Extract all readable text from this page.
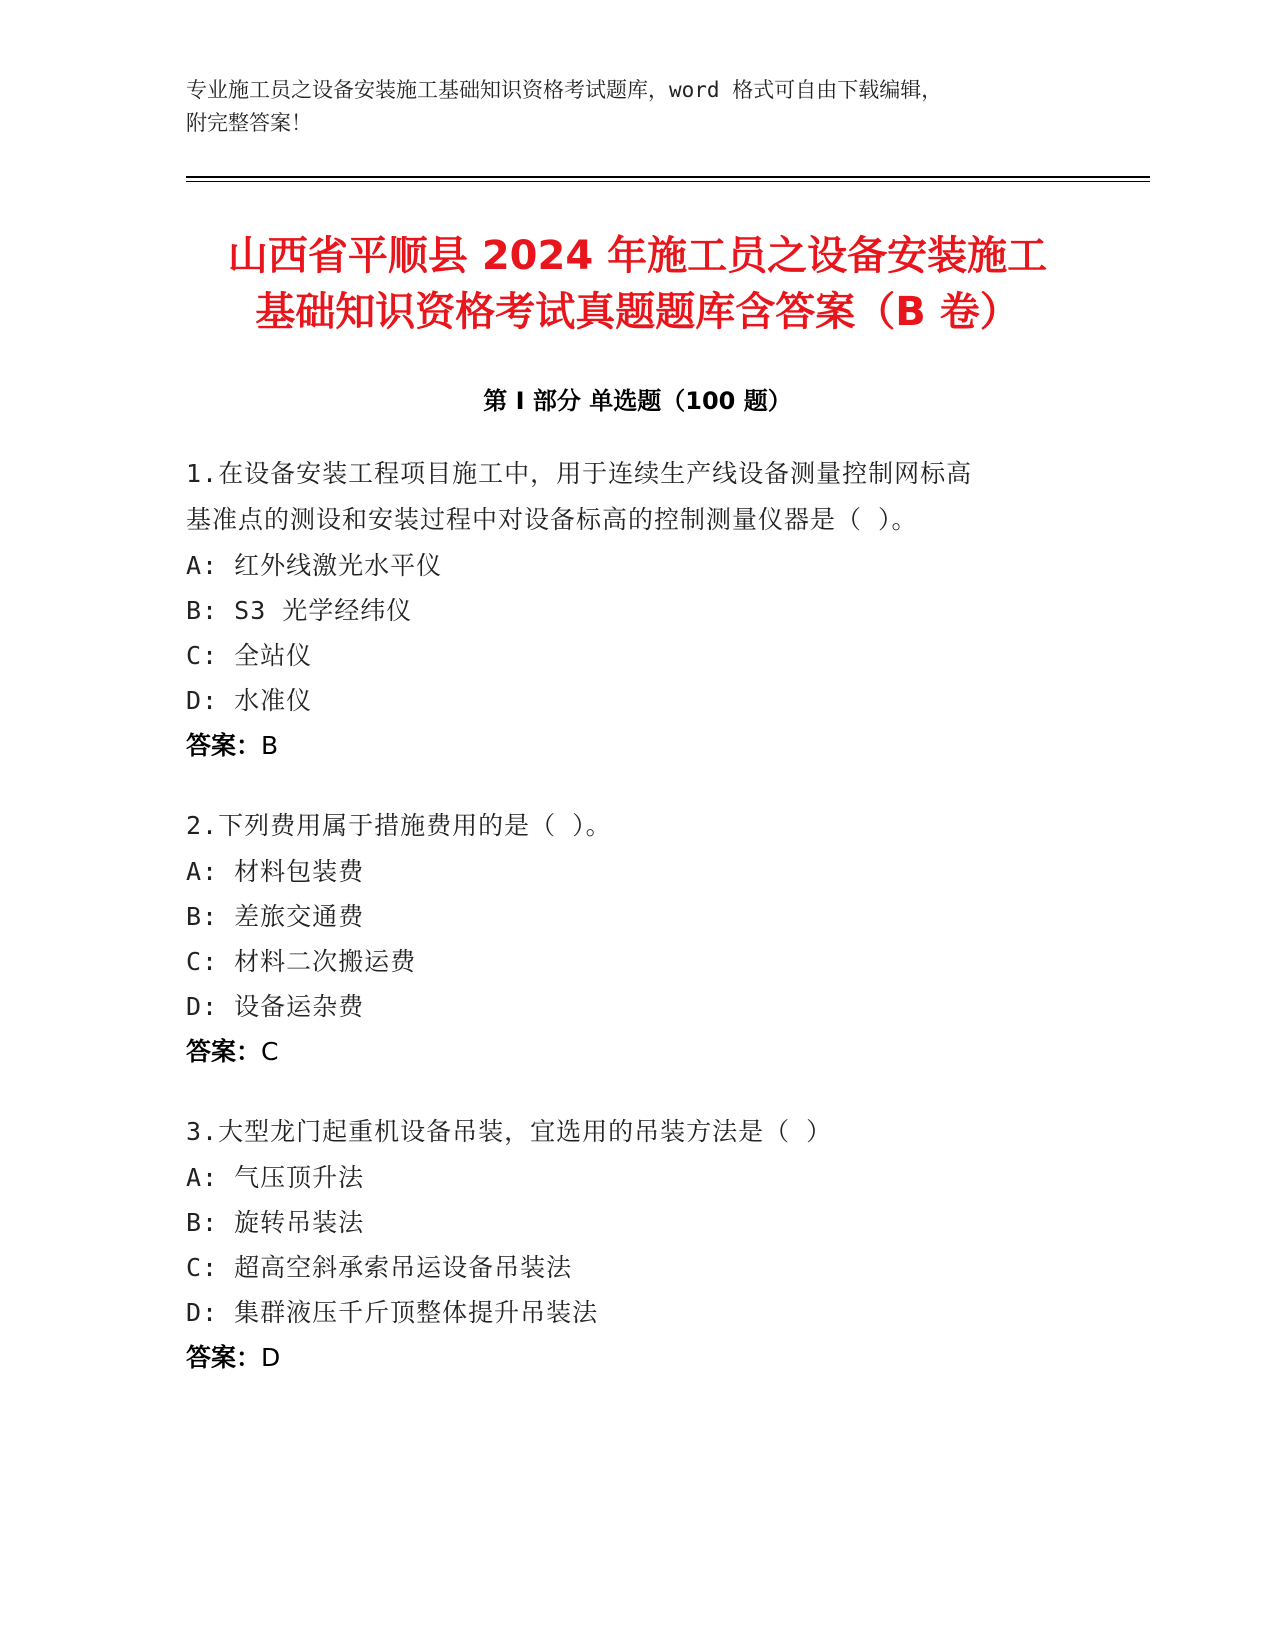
专业施工员之设备安装施工基础知识资格考试题库，word 格式可自由下载编辑，
附完整答案！
山西省平顺县 2024 年施工员之设备安装施工
基础知识资格考试真题题库含答案（B 卷）
第 I 部分 单选题（100 题）
1.在设备安装工程项目施工中，用于连续生产线设备测量控制网标高
基准点的测设和安装过程中对设备标高的控制测量仪器是（ ）。
A: 红外线激光水平仪
B: S3 光学经纬仪
C: 全站仪
D: 水准仪
答案：B
2.下列费用属于措施费用的是（ ）。
A: 材料包装费
B: 差旅交通费
C: 材料二次搬运费
D: 设备运杂费
答案：C
3.大型龙门起重机设备吊装，宜选用的吊装方法是（ ）
A: 气压顶升法
B: 旋转吊装法
C: 超高空斜承索吊运设备吊装法
D: 集群液压千斤顶整体提升吊装法
答案：D
